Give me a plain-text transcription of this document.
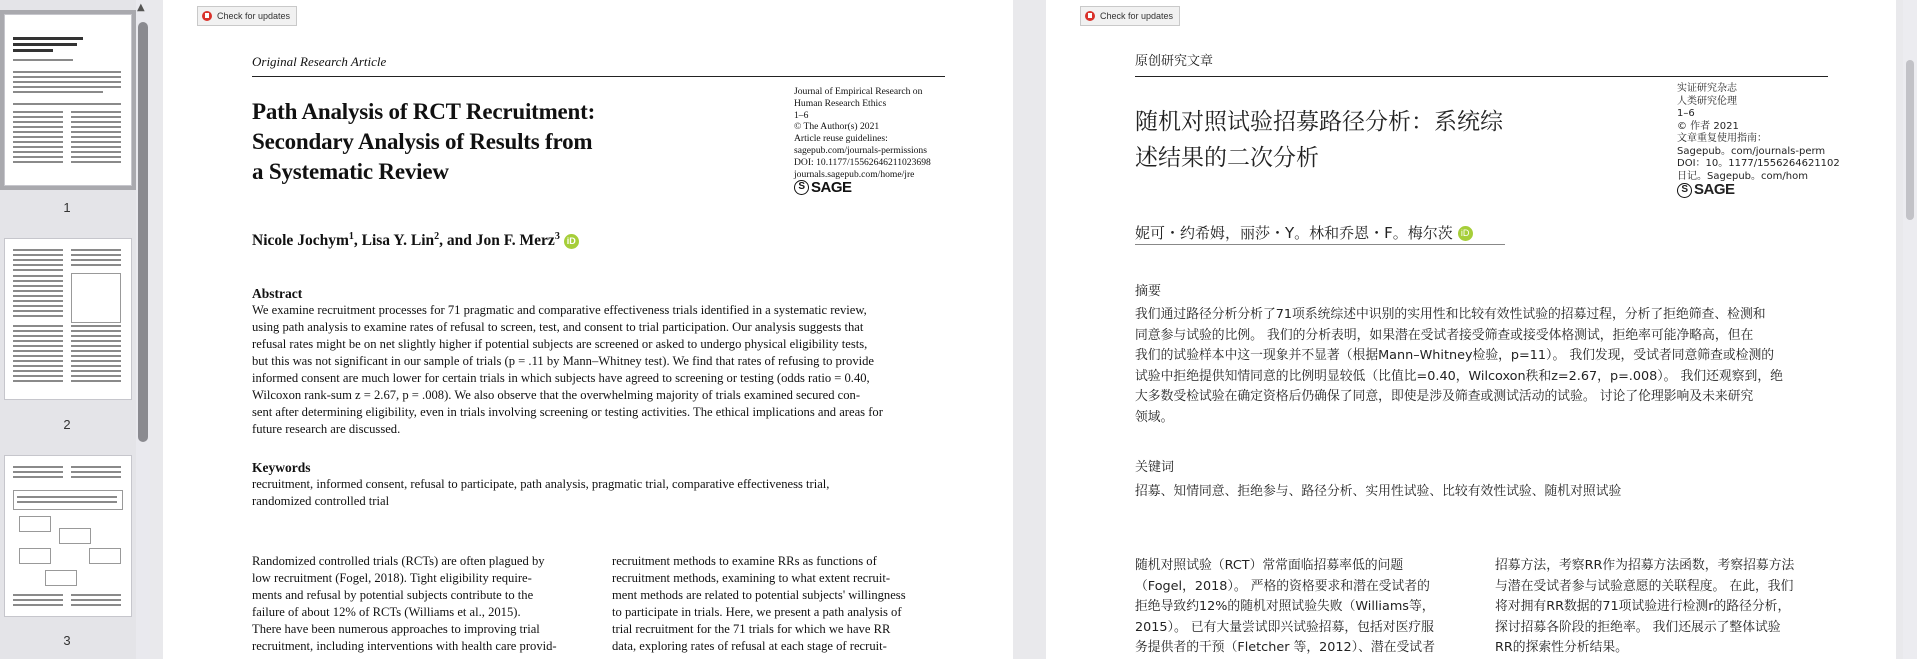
1
2
3
▲
Check for updates
Original Research Article
Path Analysis of RCT Recruitment:
Secondary Analysis of Results from
a Systematic Review
Journal of Empirical Research on
Human Research Ethics
1–6
© The Author(s) 2021
Article reuse guidelines:
sagepub.com/journals-permissions
DOI: 10.1177/15562646211023698
journals.sagepub.com/home/jre
S SAGE
Nicole Jochym$^1$, Lisa Y. Lin$^2$, and Jon F. Merz$^3$ iD
Abstract
We examine recruitment processes for 71 pragmatic and comparative effectiveness trials identified in a systematic review,
using path analysis to examine rates of refusal to screen, test, and consent to trial participation. Our analysis suggests that
refusal rates might be on net slightly higher if potential subjects are screened or asked to undergo physical eligibility tests,
but this was not significant in our sample of trials (p = .11 by Mann–Whitney test). We find that rates of refusing to provide
informed consent are much lower for certain trials in which subjects have agreed to screening or testing (odds ratio = 0.40,
Wilcoxon rank-sum z = 2.67, p = .008). We also observe that the overwhelming majority of trials examined secured con-
sent after determining eligibility, even in trials involving screening or testing activities. The ethical implications and areas for
future research are discussed.
Keywords
recruitment, informed consent, refusal to participate, path analysis, pragmatic trial, comparative effectiveness trial,
randomized controlled trial
Randomized controlled trials (RCTs) are often plagued by
low recruitment (Fogel, 2018). Tight eligibility require-
ments and refusal by potential subjects contribute to the
failure of about 12% of RCTs (Williams et al., 2015).
There have been numerous approaches to improving trial
recruitment, including interventions with health care provid-
recruitment methods to examine RRs as functions of
recruitment methods, examining to what extent recruit-
ment methods are related to potential subjects' willingness
to participate in trials. Here, we present a path analysis of
trial recruitment for the 71 trials for which we have RR
data, exploring rates of refusal at each stage of recruit-
Check for updates
原创研究文章
随机对照试验招募路径分析：系统综
述结果的二次分析
实证研究杂志
人类研究伦理
1–6
© 作者 2021
文章重复使用指南：
Sagepub。com/journals-perm
DOI：10。1177/1556264621102
日记。Sagepub。com/hom
S SAGE
妮可・约希姆，丽莎・Y。林和乔恩・F。梅尔茨 iD
摘要
我们通过路径分析分析了71项系统综述中识别的实用性和比较有效性试验的招募过程，分析了拒绝筛查、检测和
同意参与试验的比例。 我们的分析表明，如果潜在受试者接受筛查或接受体格测试，拒绝率可能净略高，但在
我们的试验样本中这一现象并不显著（根据Mann–Whitney检验，p=11）。 我们发现，受试者同意筛查或检测的
试验中拒绝提供知情同意的比例明显较低（比值比=0.40，Wilcoxon秩和z=2.67，p=.008）。 我们还观察到，绝
大多数受检试验在确定资格后仍确保了同意，即使是涉及筛查或测试活动的试验。 讨论了伦理影响及未来研究
领域。
关键词
招募、知情同意、拒绝参与、路径分析、实用性试验、比较有效性试验、随机对照试验
随机对照试验（RCT）常常面临招募率低的问题
（Fogel，2018）。 严格的资格要求和潜在受试者的
拒绝导致约12%的随机对照试验失败（Williams等，
2015）。 已有大量尝试即兴试验招募，包括对医疗服
务提供者的干预（Fletcher 等，2012）、潜在受试者
招募方法，考察RR作为招募方法函数，考察招募方法
与潜在受试者参与试验意愿的关联程度。 在此，我们
将对拥有RR数据的71项试验进行检测r的路径分析，
探讨招募各阶段的拒绝率。 我们还展示了整体试验
RR的探索性分析结果。
